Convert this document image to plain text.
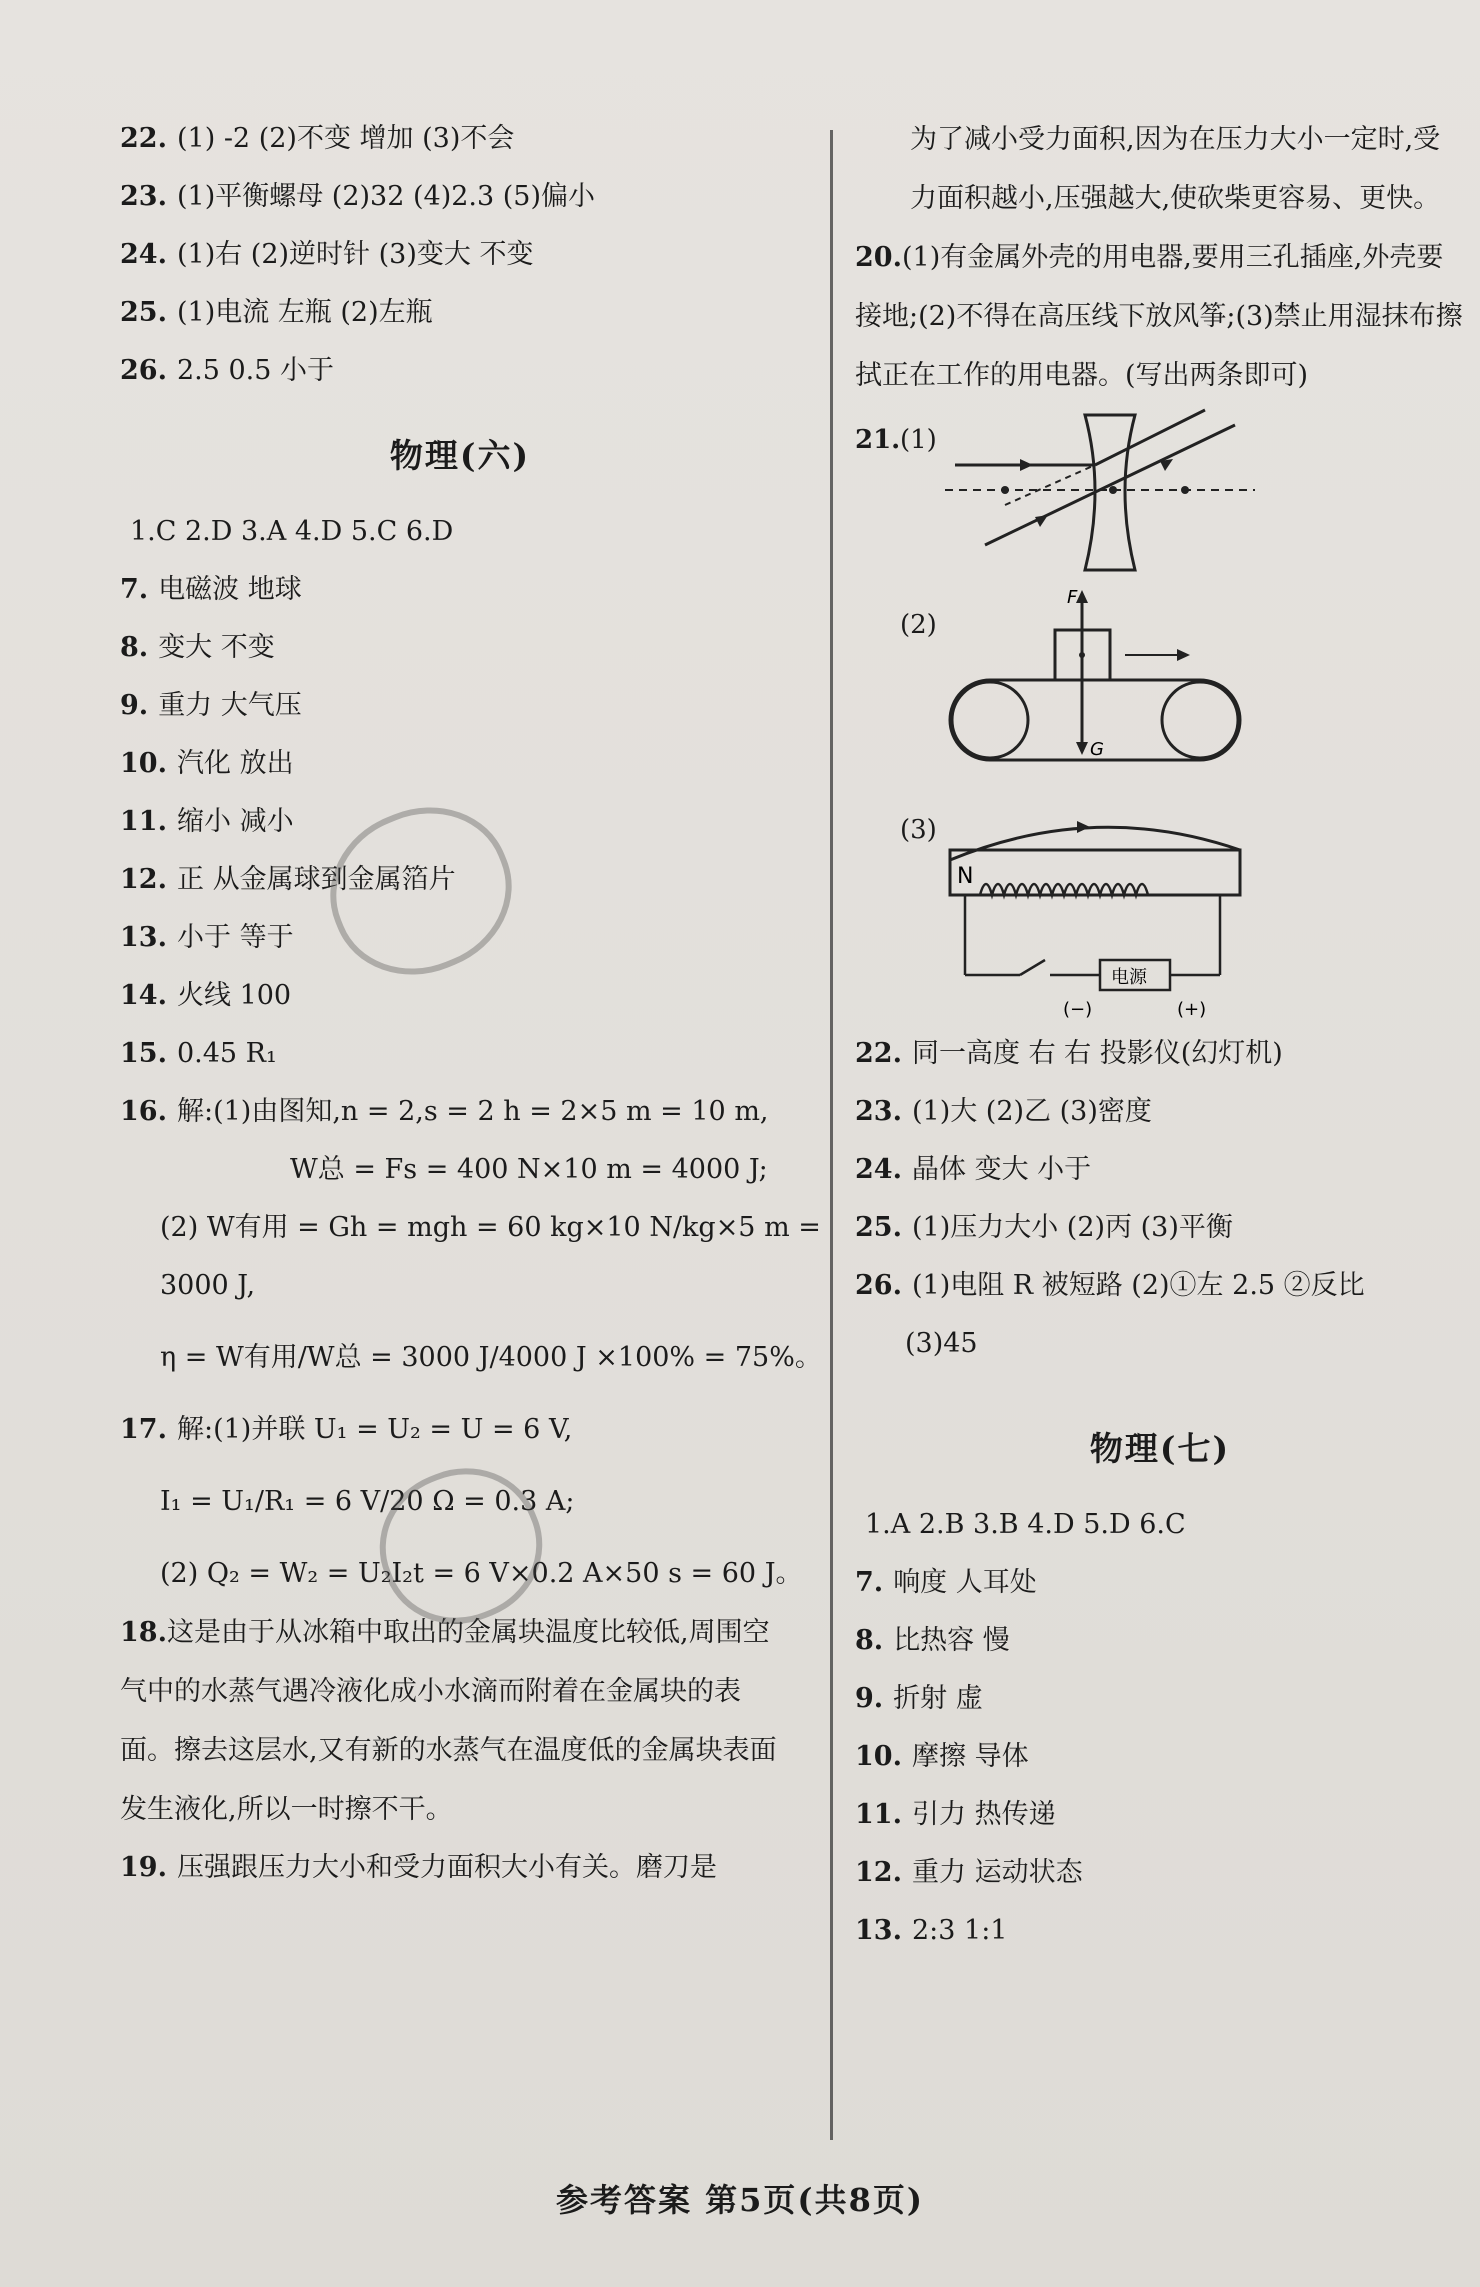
22. (1) -2 (2)不变 增加 (3)不会
23. (1)平衡螺母 (2)32 (4)2.3 (5)偏小
24. (1)右 (2)逆时针 (3)变大 不变
25. (1)电流 左瓶 (2)左瓶
26. 2.5 0.5 小于
物理(六)
1.C 2.D 3.A 4.D 5.C 6.D
7. 电磁波 地球
8. 变大 不变
9. 重力 大气压
10. 汽化 放出
11. 缩小 减小
12. 正 从金属球到金属箔片
13. 小于 等于
14. 火线 100
15. 0.45 R₁
16. 解:(1)由图知,n = 2,s = 2 h = 2×5 m = 10 m,
W总 = Fs = 400 N×10 m = 4000 J;
(2) W有用 = Gh = mgh = 60 kg×10 N/kg×5 m =
3000 J,
η = W有用/W总 = 3000 J/4000 J ×100% = 75%。
17. 解:(1)并联 U₁ = U₂ = U = 6 V,
I₁ = U₁/R₁ = 6 V/20 Ω = 0.3 A;
(2) Q₂ = W₂ = U₂I₂t = 6 V×0.2 A×50 s = 60 J。
18.这是由于从冰箱中取出的金属块温度比较低,周围空气中的水蒸气遇冷液化成小水滴而附着在金属块的表面。擦去这层水,又有新的水蒸气在温度低的金属块表面发生液化,所以一时擦不干。
19. 压强跟压力大小和受力面积大小有关。磨刀是
为了减小受力面积,因为在压力大小一定时,受力面积越小,压强越大,使砍柴更容易、更快。
20.(1)有金属外壳的用电器,要用三孔插座,外壳要接地;(2)不得在高压线下放风筝;(3)禁止用湿抹布擦拭正在工作的用电器。(写出两条即可)
21. (1)
(2)
F
G
(3)
N
电源
(−)	(+)
22. 同一高度 右 右 投影仪(幻灯机)
23. (1)大 (2)乙 (3)密度
24. 晶体 变大 小于
25. (1)压力大小 (2)丙 (3)平衡
26. (1)电阻 R 被短路 (2)①左 2.5 ②反比
(3)45
物理(七)
1.A 2.B 3.B 4.D 5.D 6.C
7. 响度 人耳处
8. 比热容 慢
9. 折射 虚
10. 摩擦 导体
11. 引力 热传递
12. 重力 运动状态
13. 2:3 1:1
参考答案 第5页(共8页)
